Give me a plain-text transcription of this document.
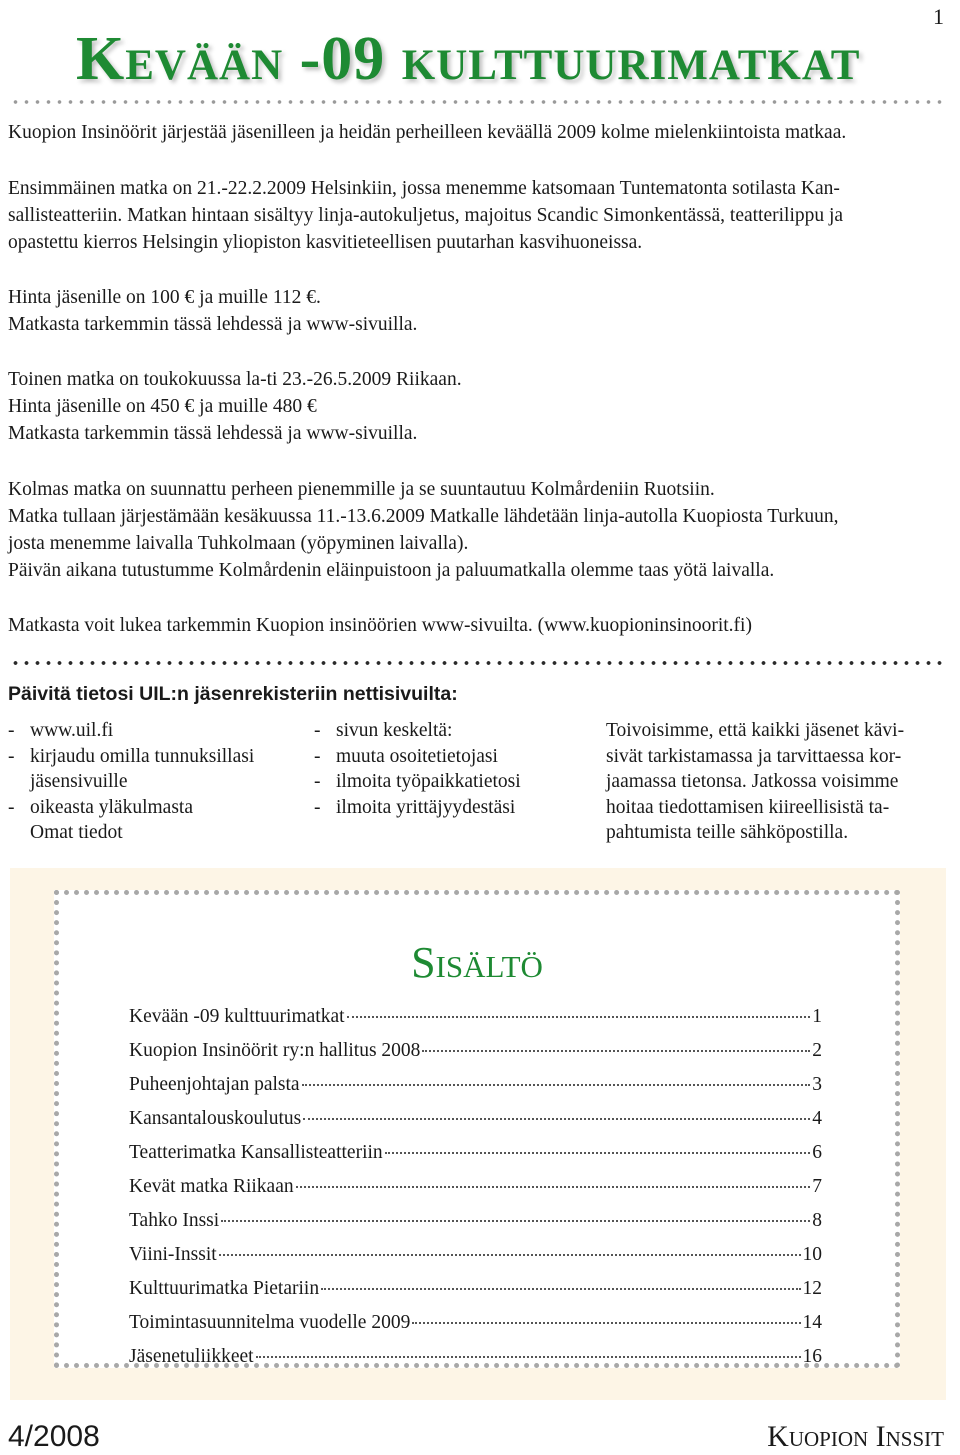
1
Kevään -09 kulttuurimatkat

Kuopion Insinöörit järjestää jäsenilleen ja heidän perheilleen keväällä 2009 kolme mielenkiintoista matkaa.

Ensimmäinen matka on 21.-22.2.2009 Helsinkiin, jossa menemme katsomaan Tuntematonta sotilasta Kan-
sallisteatteriin. Matkan hintaan sisältyy linja-autokuljetus, majoitus Scandic Simonkentässä, teatterilippu ja
opastettu kierros Helsingin yliopiston kasvitieteellisen puutarhan kasvihuoneissa.
Hinta jäsenille on 100 € ja muille 112 €.
Matkasta tarkemmin tässä lehdessä ja www-sivuilla.
Toinen matka on toukokuussa la-ti 23.-26.5.2009 Riikaan.
Hinta jäsenille on 450 € ja muille 480 €
Matkasta tarkemmin tässä lehdessä ja www-sivuilla.
Kolmas matka on suunnattu perheen pienemmille ja se suuntautuu Kolmårdeniin Ruotsiin.
Matka tullaan järjestämään kesäkuussa 11.-13.6.2009 Matkalle lähdetään linja-autolla Kuopiosta Turkuun,
josta menemme laivalla Tuhkolmaan (yöpyminen laivalla).
Päivän aikana tutustumme Kolmårdenin eläinpuistoon ja paluumatkalla olemme taas yötä laivalla.

Matkasta voit lukea tarkemmin Kuopion insinöörien www-sivuilta. (www.kuopioninsinoorit.fi)

Päivitä tietosi UIL:n jäsenrekisteriin nettisivuilta:
- www.uil.fi
- kirjaudu omilla tunnuksillasi
jäsensivuille
- oikeasta yläkulmasta
Omat tiedot
- sivun keskeltä:
- muuta osoitetietojasi
- ilmoita työpaikkatietosi
- ilmoita yrittäjyydestäsi
Toivoisimme, että kaikki jäsenet kävi-
sivät tarkistamassa ja tarvittaessa kor-
jaamassa tietonsa. Jatkossa voisimme
hoitaa tiedottamisen kiireellisistä ta-
pahtumista teille sähköpostilla.
Sisältö
Kevään -09 kulttuurimatkat	1
Kuopion Insinöörit ry:n hallitus 2008	2
Puheenjohtajan palsta	3
Kansantalouskoulutus	4
Teatterimatka Kansallisteatteriin	6
Kevät matka Riikaan	7
Tahko Inssi	8
Viini-Inssit	10
Kulttuurimatka Pietariin	12
Toimintasuunnitelma vuodelle 2009	14
Jäsenetuliikkeet	16
4/2008	Kuopion Inssit
